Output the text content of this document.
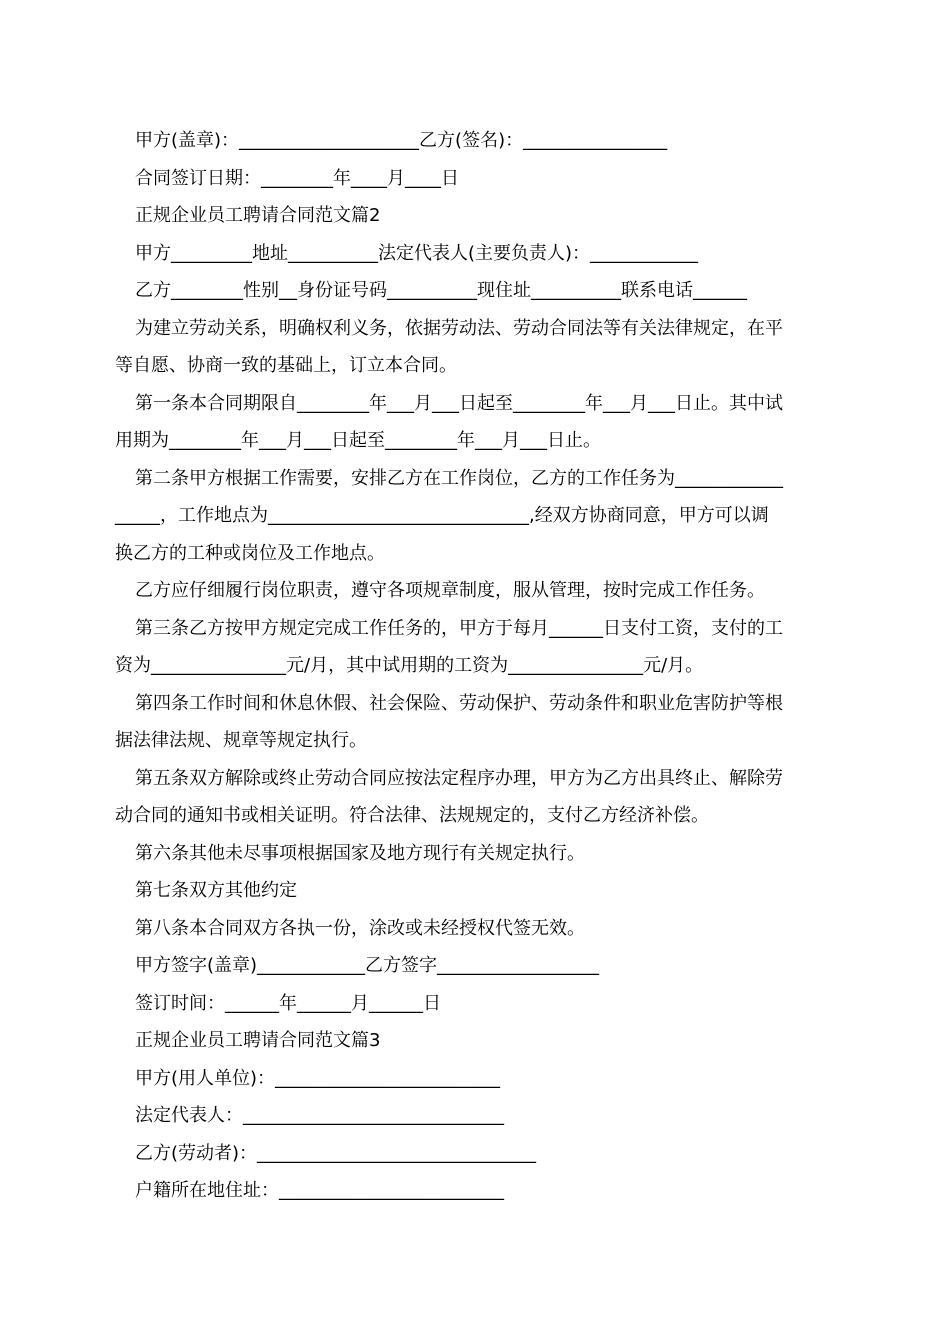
甲方(盖章)：____________________乙方(签名)：________________
合同签订日期：________年____月____日
正规企业员工聘请合同范文篇2
甲方_________地址__________法定代表人(主要负责人)：____________
乙方________性别__身份证号码__________现住址__________联系电话______
为建立劳动关系，明确权利义务，依据劳动法、劳动合同法等有关法律规定，在平
等自愿、协商一致的基础上，订立本合同。
第一条本合同期限自________年___月___日起至________年___月___日止。其中试
用期为________年___月___日起至________年___月___日止。
第二条甲方根据工作需要，安排乙方在工作岗位，乙方的工作任务为____________
_____，工作地点为_____________________________,经双方协商同意，甲方可以调
换乙方的工种或岗位及工作地点。
乙方应仔细履行岗位职责，遵守各项规章制度，服从管理，按时完成工作任务。
第三条乙方按甲方规定完成工作任务的，甲方于每月______日支付工资，支付的工
资为_______________元/月，其中试用期的工资为_______________元/月。
第四条工作时间和休息休假、社会保险、劳动保护、劳动条件和职业危害防护等根
据法律法规、规章等规定执行。
第五条双方解除或终止劳动合同应按法定程序办理，甲方为乙方出具终止、解除劳
动合同的通知书或相关证明。符合法律、法规规定的，支付乙方经济补偿。
第六条其他未尽事项根据国家及地方现行有关规定执行。
第七条双方其他约定
第八条本合同双方各执一份，涂改或未经授权代签无效。
甲方签字(盖章)____________乙方签字__________________
签订时间：______年______月______日
正规企业员工聘请合同范文篇3
甲方(用人单位)：_________________________
法定代表人：_____________________________
乙方(劳动者)：_______________________________
户籍所在地住址：_________________________
